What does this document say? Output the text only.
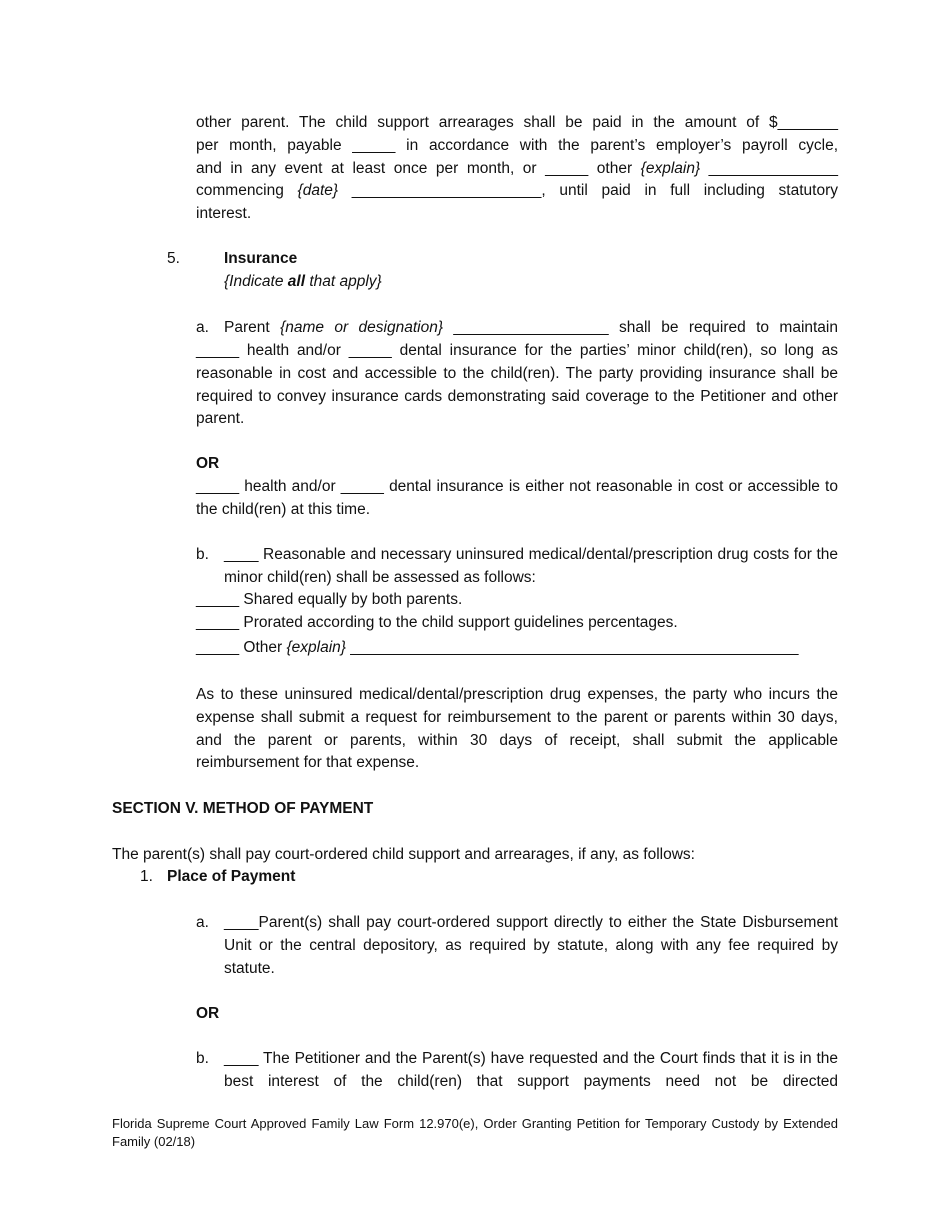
other parent. The child support arrearages shall be paid in the amount of $_______
per month, payable _____ in accordance with the parent’s employer’s payroll cycle,
and in any event at least once per month, or _____ other {explain} _______________
commencing {date} ______________________, until paid in full including statutory
interest.
5.	Insurance
{Indicate all that apply}
a. Parent {name or designation} __________________ shall be required to maintain
_____ health and/or _____ dental insurance for the parties’ minor child(ren), so long as reasonable in cost and accessible to the child(ren). The party providing insurance shall be required to convey insurance cards demonstrating said coverage to the Petitioner and other parent.
OR
_____ health and/or _____ dental insurance is either not reasonable in cost or accessible to the child(ren) at this time.
b. ____ Reasonable and necessary uninsured medical/dental/prescription drug costs for the minor child(ren) shall be assessed as follows:
_____ Shared equally by both parents.
_____ Prorated according to the child support guidelines percentages.
_____ Other {explain} ____________________________________________________
As to these uninsured medical/dental/prescription drug expenses, the party who incurs the expense shall submit a request for reimbursement to the parent or parents within 30 days, and the parent or parents, within 30 days of receipt, shall submit the applicable reimbursement for that expense.
SECTION V. METHOD OF PAYMENT
The parent(s) shall pay court-ordered child support and arrearages, if any, as follows:
1. Place of Payment
a. ____Parent(s) shall pay court-ordered support directly to either the State Disbursement Unit or the central depository, as required by statute, along with any fee required by statute.
OR
b. ____ The Petitioner and the Parent(s) have requested and the Court finds that it is in the best interest of the child(ren) that support payments need not be directed
Florida Supreme Court Approved Family Law Form 12.970(e), Order Granting Petition for Temporary Custody by Extended Family (02/18)
